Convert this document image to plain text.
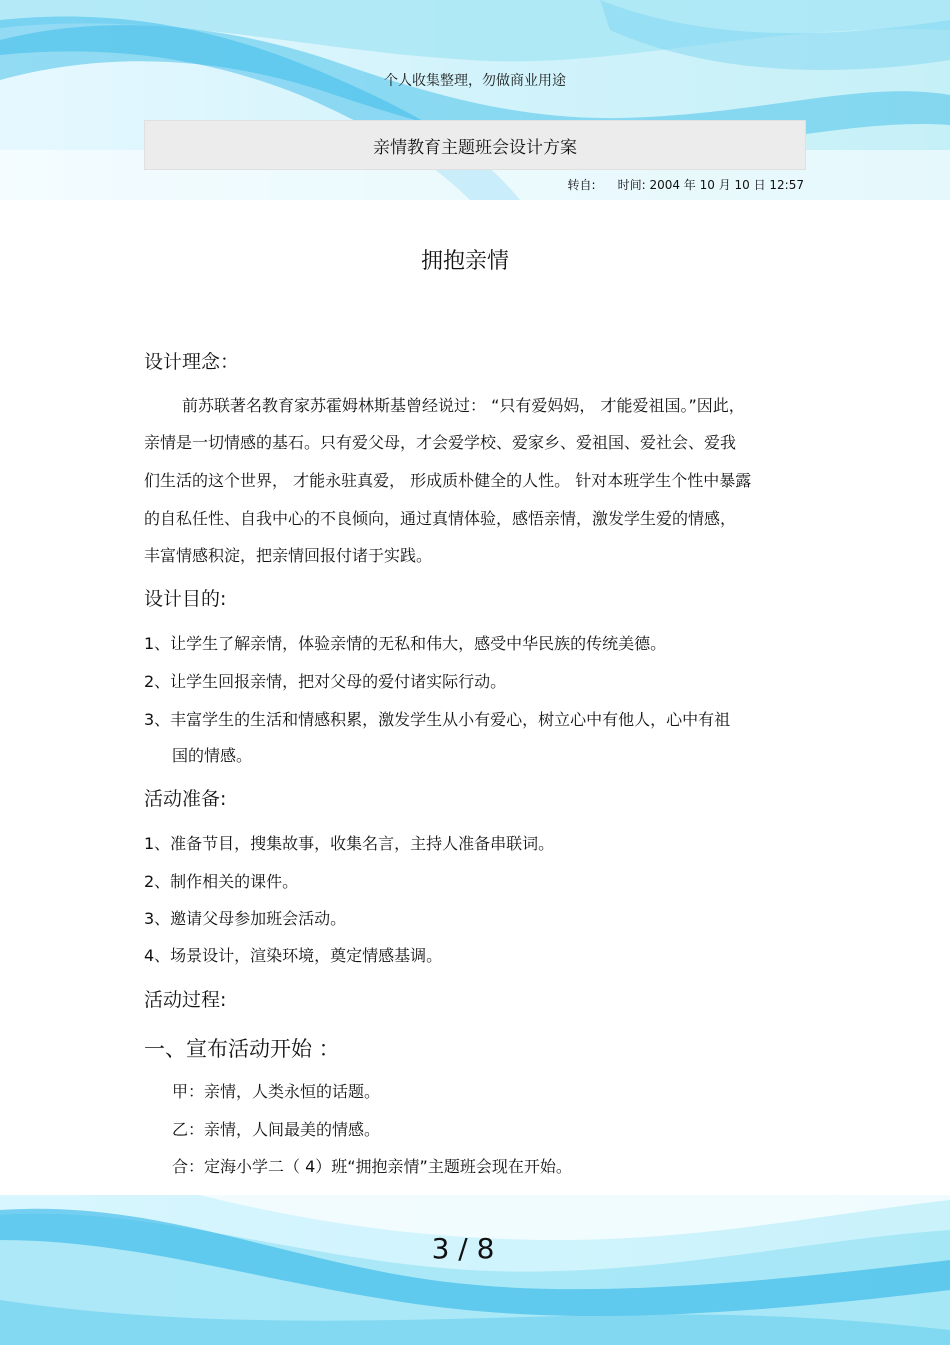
个人收集整理，勿做商业用途
亲情教育主题班会设计方案
转自: 时间: 2004 年 10 月 10 日 12:57
拥抱亲情
设计理念：
前苏联著名教育家苏霍姆林斯基曾经说过： “只有爱妈妈， 才能爱祖国。”因此，
亲情是一切情感的基石。只有爱父母，才会爱学校、爱家乡、爱祖国、爱社会、爱我
们生活的这个世界， 才能永驻真爱， 形成质朴健全的人性。 针对本班学生个性中暴露
的自私任性、自我中心的不良倾向，通过真情体验，感悟亲情，激发学生爱的情感，
丰富情感积淀，把亲情回报付诸于实践。
设计目的:
1、让学生了解亲情，体验亲情的无私和伟大，感受中华民族的传统美德。
2、让学生回报亲情，把对父母的爱付诸实际行动。
3、丰富学生的生活和情感积累，激发学生从小有爱心，树立心中有他人，心中有祖
国的情感。
活动准备:
1、准备节目，搜集故事，收集名言，主持人准备串联词。
2、制作相关的课件。
3、邀请父母参加班会活动。
4、场景设计，渲染环境，奠定情感基调。
活动过程:
一、宣布活动开始 ：
甲：亲情，人类永恒的话题。
乙：亲情，人间最美的情感。
合：定海小学二（ 4）班“拥抱亲情”主题班会现在开始。
3 / 8
